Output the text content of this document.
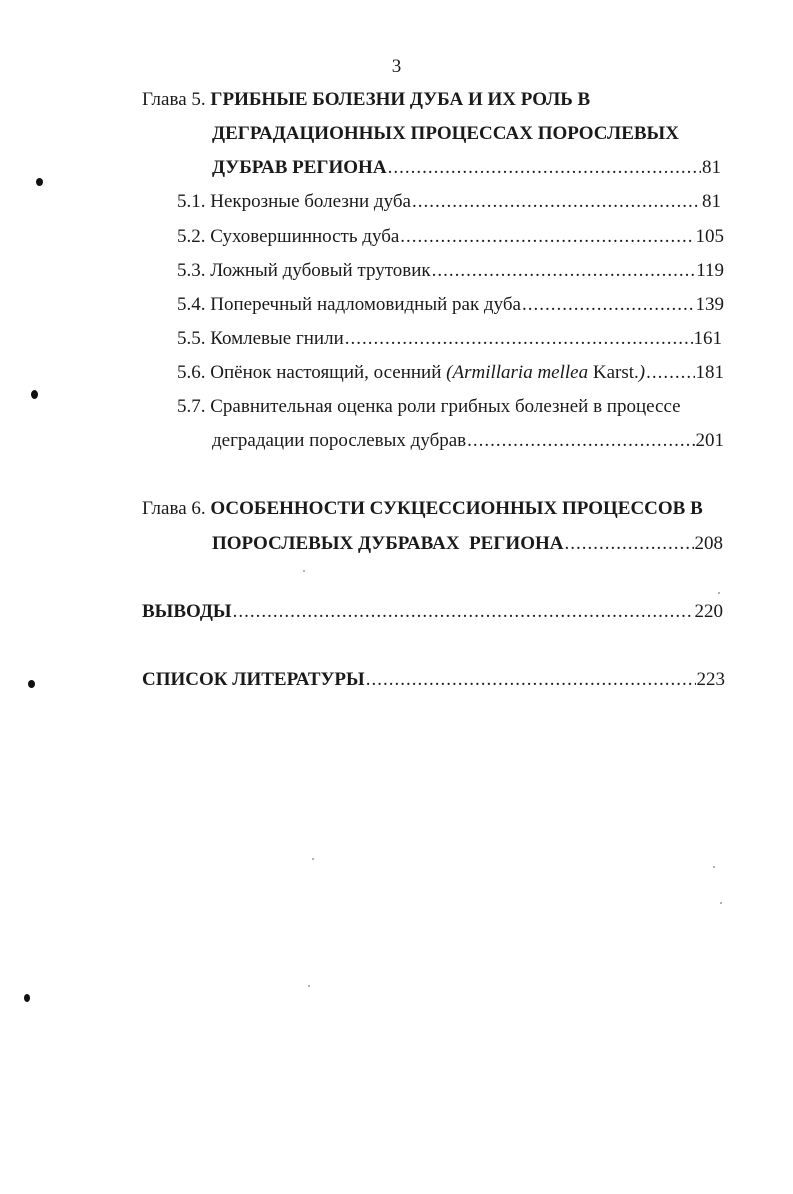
3
Глава 5. ГРИБНЫЕ БОЛЕЗНИ ДУБА И ИХ РОЛЬ В
ДЕГРАДАЦИОННЫХ ПРОЦЕССАХ ПОРОСЛЕВЫХ
ДУБРАВ РЕГИОНА .....	81
5.1. Некрозные болезни дуба .....	81
5.2. Суховершинность дуба .....	105
5.3. Ложный дубовый трутовик .....	119
5.4. Поперечный надломовидный рак дуба .....	139
5.5. Комлевые гнили .....	161
5.6. Опёнок настоящий, осенний (Armillaria mellea Karst.) .....	181
5.7. Сравнительная оценка роли грибных болезней в процессе
деградации порослевых дубрав .....	201
Глава 6. ОСОБЕННОСТИ СУКЦЕССИОННЫХ ПРОЦЕССОВ В
ПОРОСЛЕВЫХ ДУБРАВАХ  РЕГИОНА .....	208
ВЫВОДЫ .....	220
СПИСОК ЛИТЕРАТУРЫ .....	223
